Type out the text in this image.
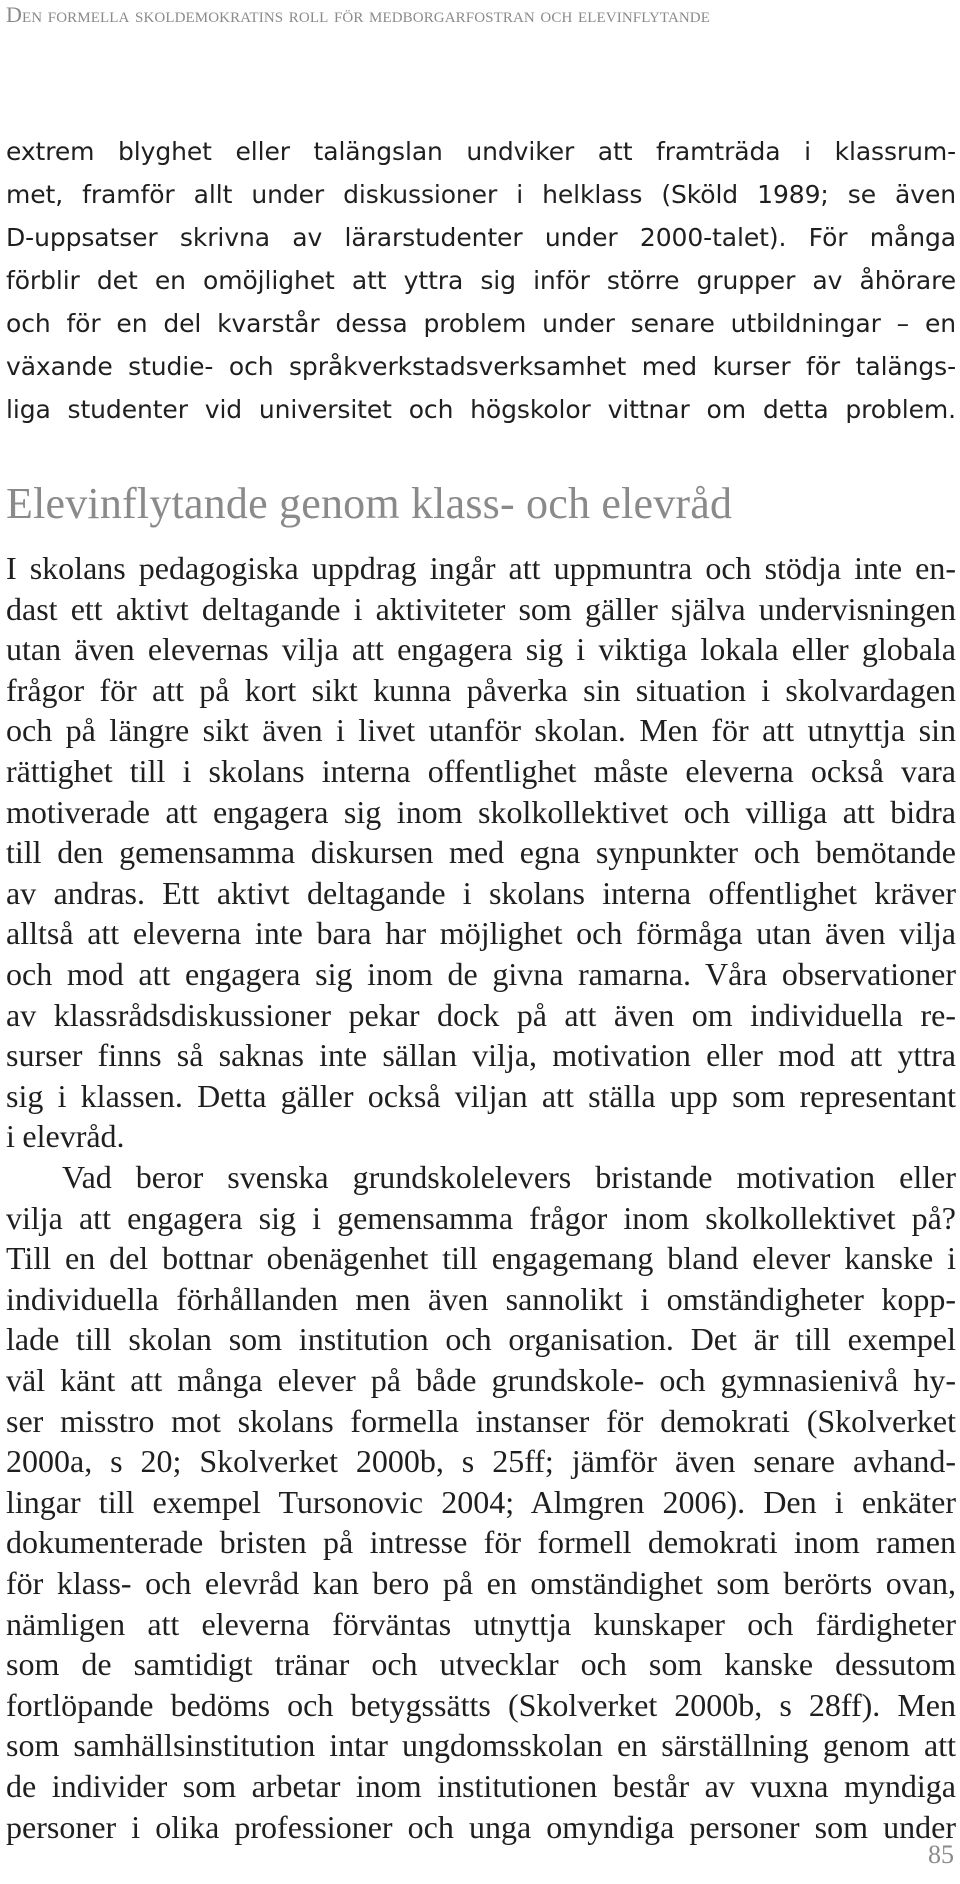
Den formella skoldemokratins roll för medborgarfostran och elevinflytande

extrem blyghet eller talängslan undviker att framträda i klassrum-
met, framför allt under diskussioner i helklass (Sköld 1989; se även
D-uppsatser skrivna av lärarstudenter under 2000-talet). För många
förblir det en omöjlighet att yttra sig inför större grupper av åhörare
och för en del kvarstår dessa problem under senare utbildningar – en
växande studie- och språkverkstadsverksamhet med kurser för talängs-
liga studenter vid universitet och högskolor vittnar om detta problem.

Elevinflytande genom klass- och elevråd

I skolans pedagogiska uppdrag ingår att uppmuntra och stödja inte en-
dast ett aktivt deltagande i aktiviteter som gäller själva undervisningen
utan även elevernas vilja att engagera sig i viktiga lokala eller globala
frågor för att på kort sikt kunna påverka sin situation i skolvardagen
och på längre sikt även i livet utanför skolan. Men för att utnyttja sin
rättighet till i skolans interna offentlighet måste eleverna också vara
motiverade att engagera sig inom skolkollektivet och villiga att bidra
till den gemensamma diskursen med egna synpunkter och bemötande
av andras. Ett aktivt deltagande i skolans interna offentlighet kräver
alltså att eleverna inte bara har möjlighet och förmåga utan även vilja
och mod att engagera sig inom de givna ramarna. Våra observationer
av klassrådsdiskussioner pekar dock på att även om individuella re-
surser finns så saknas inte sällan vilja, motivation eller mod att yttra
sig i klassen. Detta gäller också viljan att ställa upp som representant
i elevråd.

Vad beror svenska grundskolelevers bristande motivation eller
vilja att engagera sig i gemensamma frågor inom skolkollektivet på?
Till en del bottnar obenägenhet till engagemang bland elever kanske i
individuella förhållanden men även sannolikt i omständigheter kopp-
lade till skolan som institution och organisation. Det är till exempel
väl känt att många elever på både grundskole- och gymnasienivå hy-
ser misstro mot skolans formella instanser för demokrati (Skolverket
2000a, s 20; Skolverket 2000b, s 25ff; jämför även senare avhand-
lingar till exempel Tursonovic 2004; Almgren 2006). Den i enkäter
dokumenterade bristen på intresse för formell demokrati inom ramen
för klass- och elevråd kan bero på en omständighet som berörts ovan,
nämligen att eleverna förväntas utnyttja kunskaper och färdigheter
som de samtidigt tränar och utvecklar och som kanske dessutom
fortlöpande bedöms och betygssätts (Skolverket 2000b, s 28ff). Men
som samhällsinstitution intar ungdomsskolan en särställning genom att
de individer som arbetar inom institutionen består av vuxna myndiga
personer i olika professioner och unga omyndiga personer som under

85
